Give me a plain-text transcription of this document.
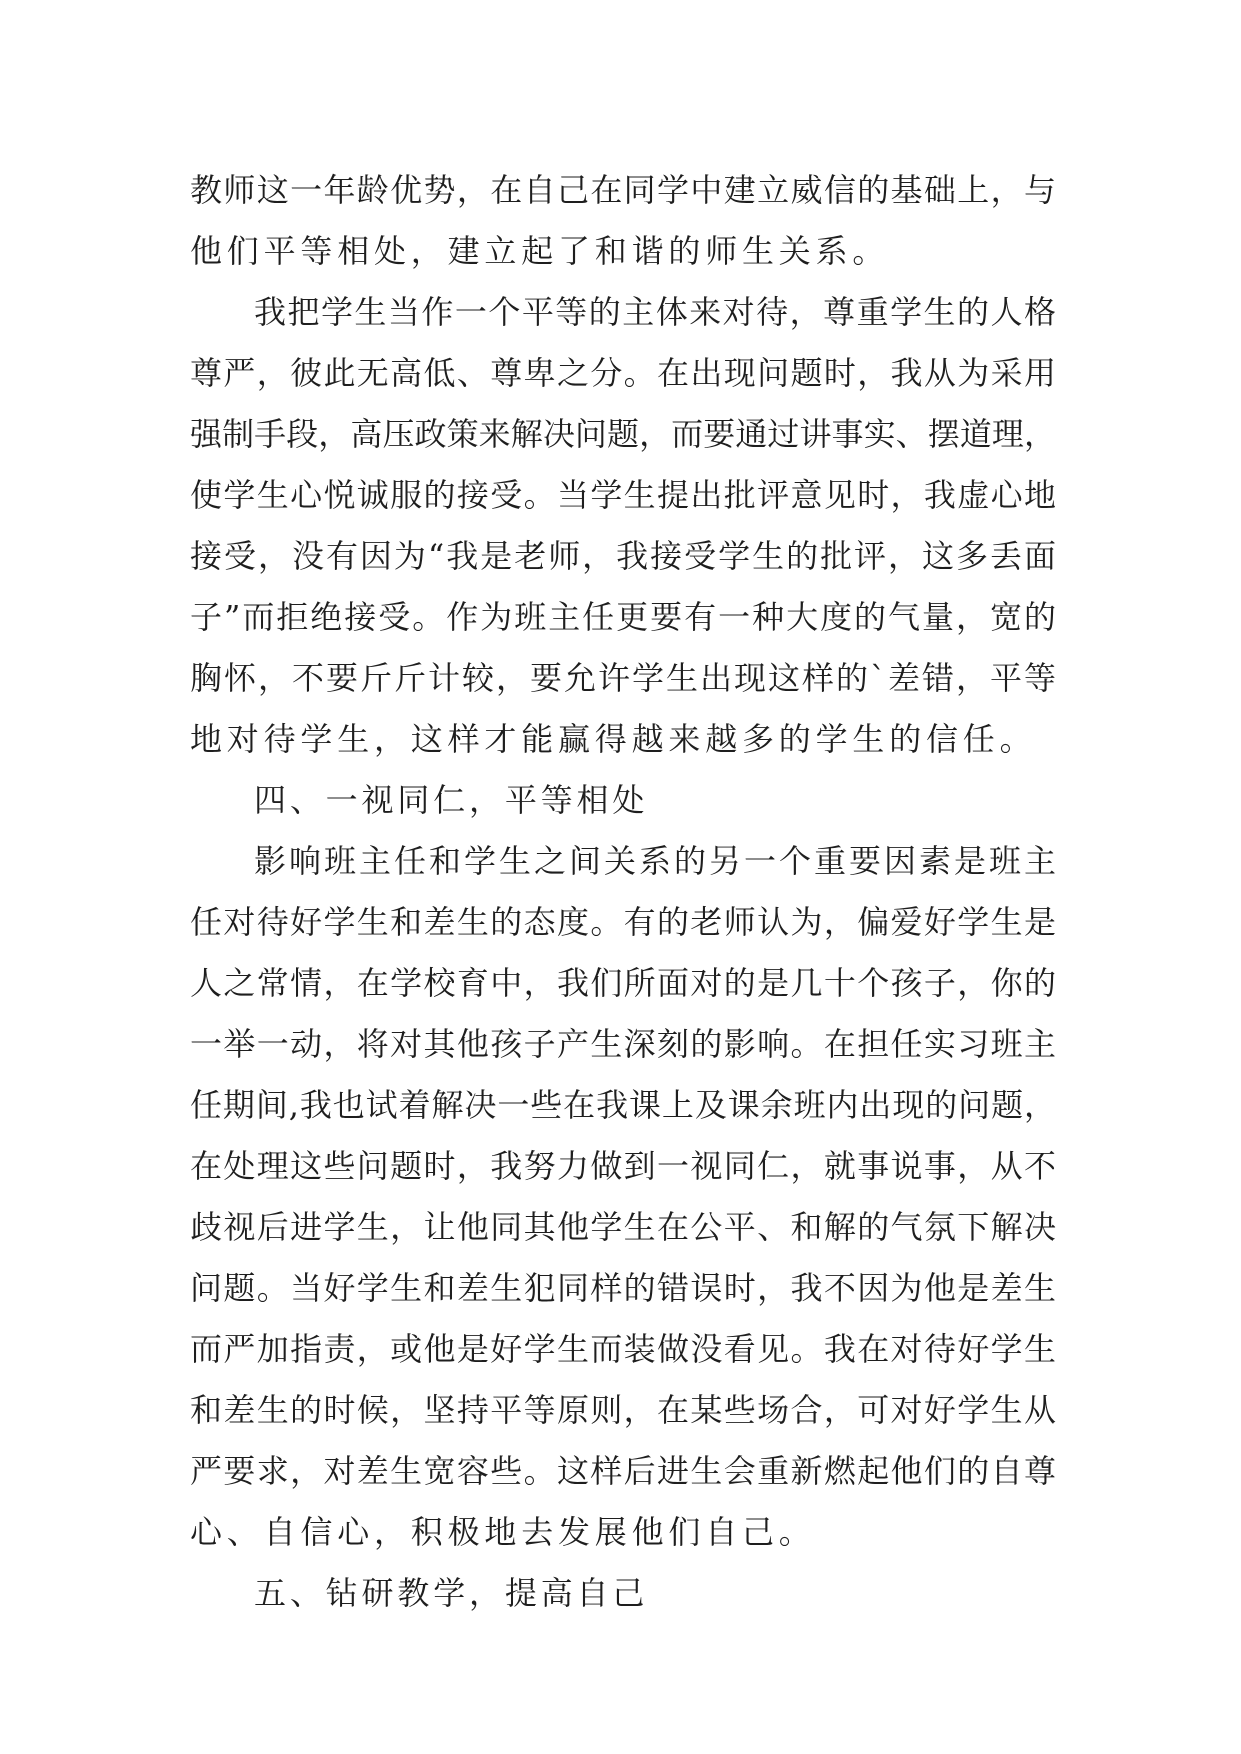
教师这一年龄优势，在自己在同学中建立威信的基础上，与
他们平等相处，建立起了和谐的师生关系。
我把学生当作一个平等的主体来对待，尊重学生的人格
尊严，彼此无高低、尊卑之分。在出现问题时，我从为采用
强制手段，高压政策来解决问题，而要通过讲事实、摆道理，
使学生心悦诚服的接受。当学生提出批评意见时，我虚心地
接受，没有因为“我是老师，我接受学生的批评，这多丢面
子”而拒绝接受。作为班主任更要有一种大度的气量，宽的
胸怀，不要斤斤计较，要允许学生出现这样的`差错，平等
地对待学生，这样才能赢得越来越多的学生的信任。
四、一视同仁，平等相处
影响班主任和学生之间关系的另一个重要因素是班主
任对待好学生和差生的态度。有的老师认为，偏爱好学生是
人之常情，在学校育中，我们所面对的是几十个孩子，你的
一举一动，将对其他孩子产生深刻的影响。在担任实习班主
任期间,我也试着解决一些在我课上及课余班内出现的问题，
在处理这些问题时，我努力做到一视同仁，就事说事，从不
歧视后进学生，让他同其他学生在公平、和解的气氛下解决
问题。当好学生和差生犯同样的错误时，我不因为他是差生
而严加指责，或他是好学生而装做没看见。我在对待好学生
和差生的时候，坚持平等原则，在某些场合，可对好学生从
严要求，对差生宽容些。这样后进生会重新燃起他们的自尊
心、自信心，积极地去发展他们自己。
五、钻研教学，提高自己
